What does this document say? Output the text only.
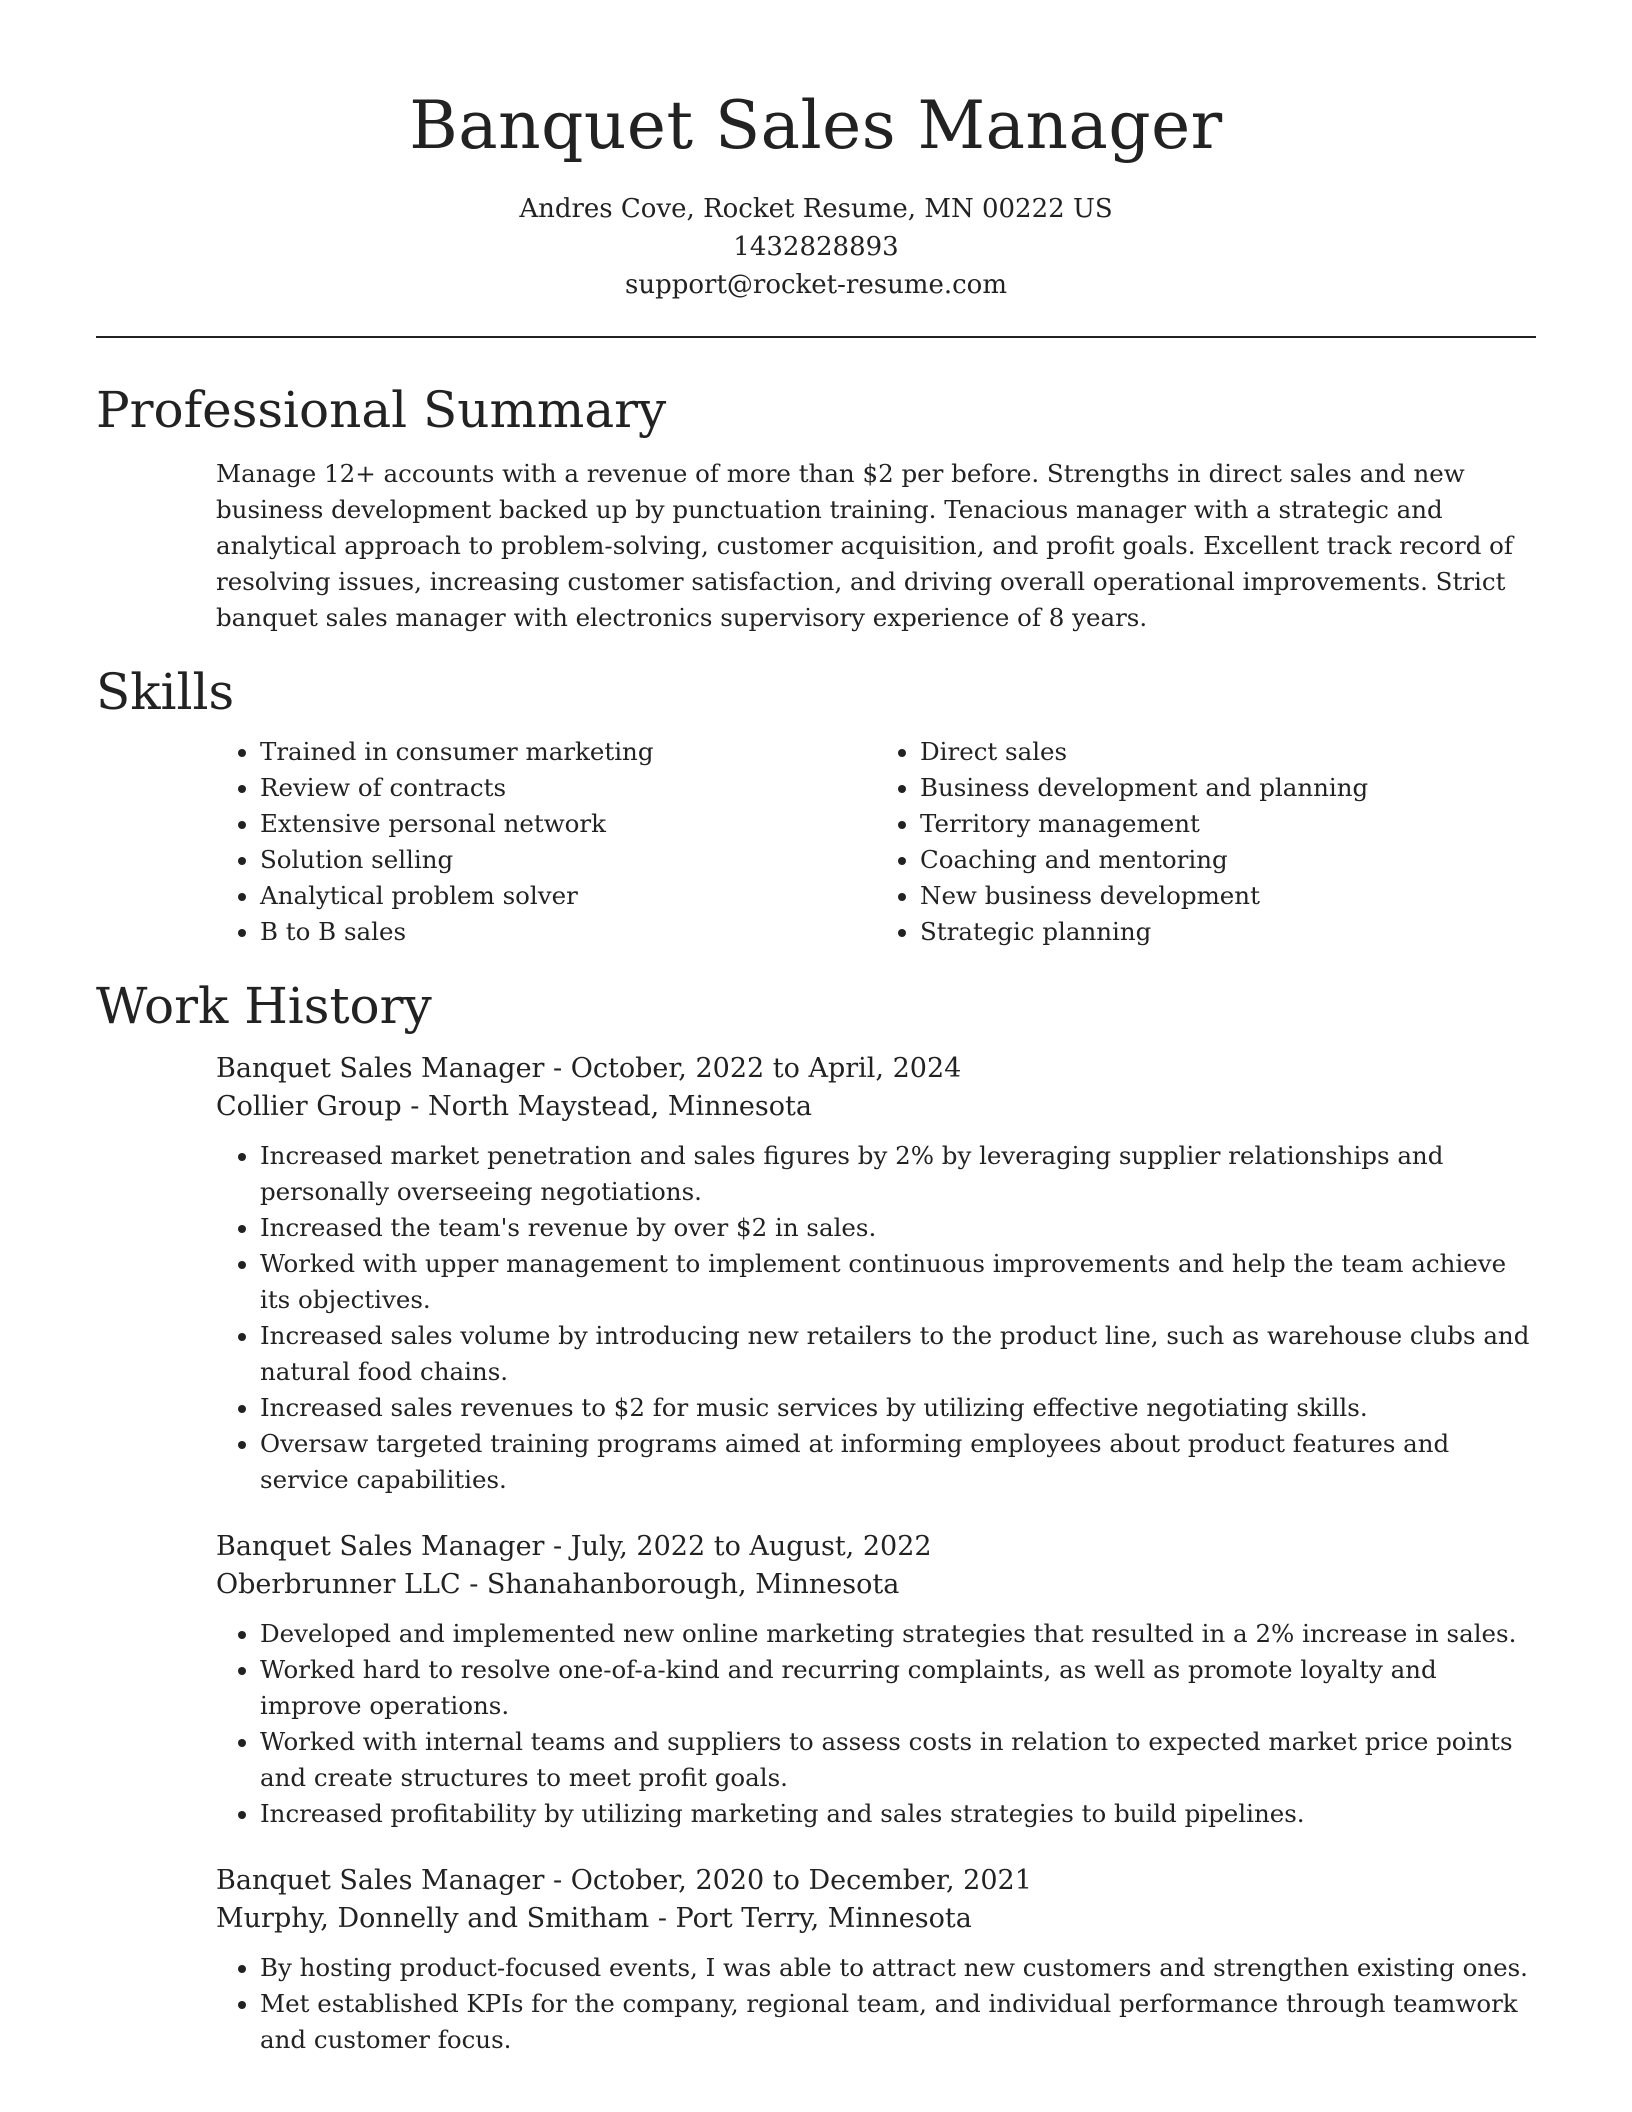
Banquet Sales Manager
Andres Cove, Rocket Resume, MN 00222 US
1432828893
support@rocket-resume.com
Professional Summary

Manage 12+ accounts with a revenue of more than $2 per before. Strengths in direct sales and new business development backed up by punctuation training. Tenacious manager with a strategic and analytical approach to problem-solving, customer acquisition, and profit goals. Excellent track record of resolving issues, increasing customer satisfaction, and driving overall operational improvements. Strict banquet sales manager with electronics supervisory experience of 8 years.

Skills
• Trained in consumer marketing
• Review of contracts
• Extensive personal network
• Solution selling
• Analytical problem solver
• B to B sales
• Direct sales
• Business development and planning
• Territory management
• Coaching and mentoring
• New business development
• Strategic planning
Work History
Banquet Sales Manager - October, 2022 to April, 2024
Collier Group - North Maystead, Minnesota
• Increased market penetration and sales figures by 2% by leveraging supplier relationships and personally overseeing negotiations.
• Increased the team's revenue by over $2 in sales.
• Worked with upper management to implement continuous improvements and help the team achieve its objectives.
• Increased sales volume by introducing new retailers to the product line, such as warehouse clubs and natural food chains.
• Increased sales revenues to $2 for music services by utilizing effective negotiating skills.
• Oversaw targeted training programs aimed at informing employees about product features and service capabilities.
Banquet Sales Manager - July, 2022 to August, 2022
Oberbrunner LLC - Shanahanborough, Minnesota
• Developed and implemented new online marketing strategies that resulted in a 2% increase in sales.
• Worked hard to resolve one-of-a-kind and recurring complaints, as well as promote loyalty and improve operations.
• Worked with internal teams and suppliers to assess costs in relation to expected market price points and create structures to meet profit goals.
• Increased profitability by utilizing marketing and sales strategies to build pipelines.
Banquet Sales Manager - October, 2020 to December, 2021
Murphy, Donnelly and Smitham - Port Terry, Minnesota
• By hosting product-focused events, I was able to attract new customers and strengthen existing ones.
• Met established KPIs for the company, regional team, and individual performance through teamwork and customer focus.
